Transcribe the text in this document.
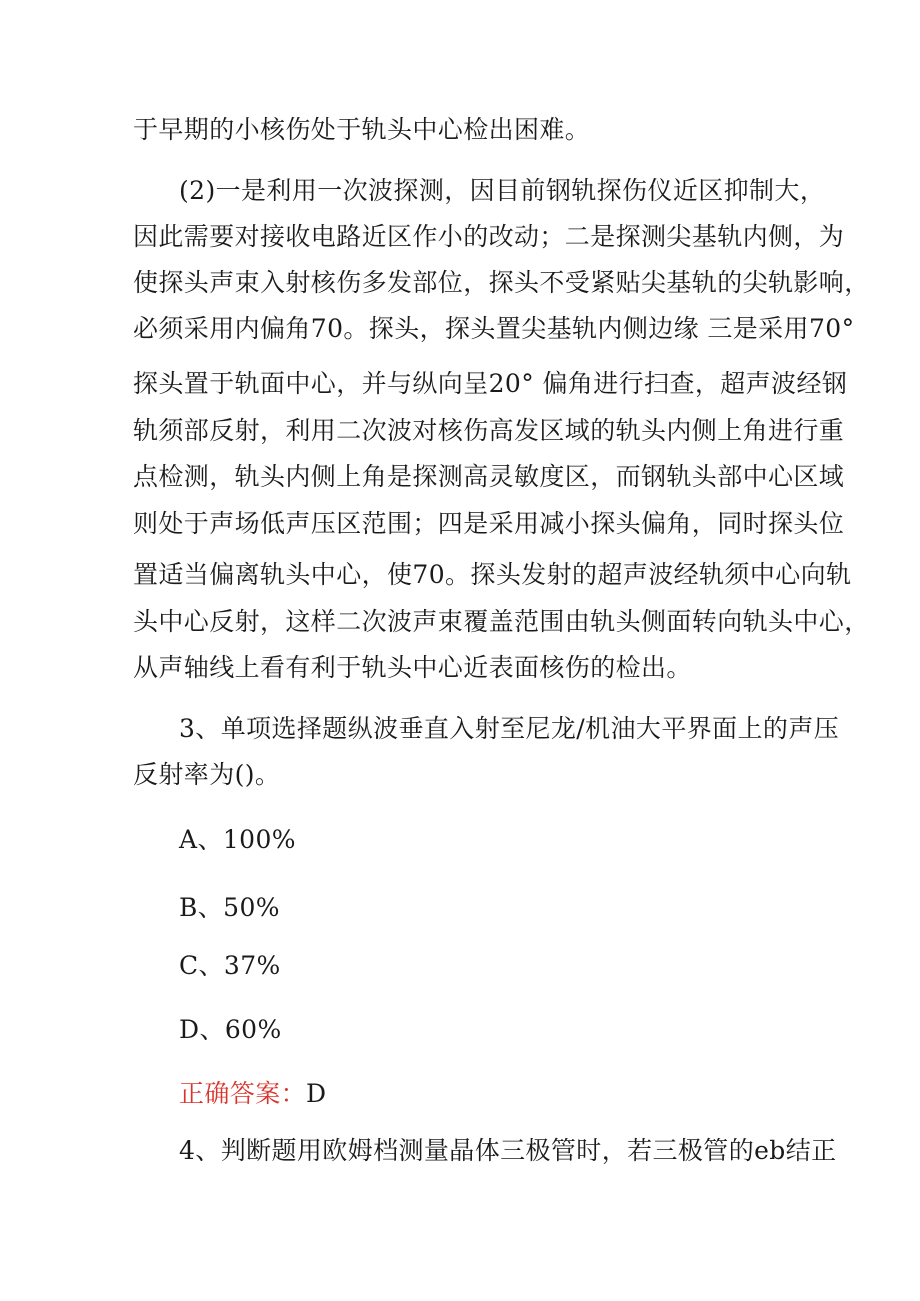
于早期的小核伤处于轨头中心检出困难。
(2)一是利用一次波探测，因目前钢轨探伤仪近区抑制大，
因此需要对接收电路近区作小的改动；二是探测尖基轨内侧，为
使探头声束入射核伤多发部位，探头不受紧贴尖基轨的尖轨影响，
必须采用内偏角70。探头，探头置尖基轨内侧边缘 三是采用70°
探头置于轨面中心，并与纵向呈20° 偏角进行扫查，超声波经钢
轨须部反射，利用二次波对核伤高发区域的轨头内侧上角进行重
点检测，轨头内侧上角是探测高灵敏度区，而钢轨头部中心区域
则处于声场低声压区范围；四是采用减小探头偏角，同时探头位
置适当偏离轨头中心，使70。探头发射的超声波经轨须中心向轨
头中心反射，这样二次波声束覆盖范围由轨头侧面转向轨头中心，
从声轴线上看有利于轨头中心近表面核伤的检出。
3、单项选择题纵波垂直入射至尼龙/机油大平界面上的声压
反射率为()。
A、100%
B、50%
C、37%
D、60%
正确答案：D
4、判断题用欧姆档测量晶体三极管时，若三极管的eb结正
